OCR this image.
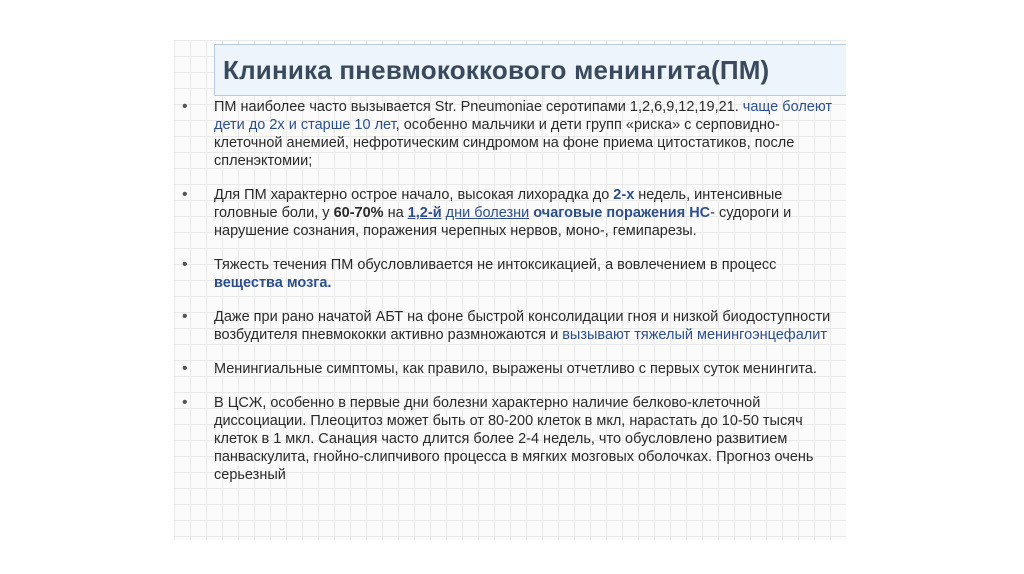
Клиника пневмококкового менингита(ПМ)
• ПМ наиболее часто вызывается Str. Pneumoniae серотипами 1,2,6,9,12,19,21. чаще болеют дети до 2х и старше 10 лет, особенно мальчики и дети групп «риска» с серповидно-клеточной анемией, нефротическим синдромом на фоне приема цитостатиков, после спленэктомии;
• Для ПМ характерно острое начало, высокая лихорадка до 2-х недель, интенсивные головные боли, у 60-70% на 1,2-й дни болезни очаговые поражения НС- судороги и нарушение сознания, поражения черепных нервов, моно-, гемипарезы.
• Тяжесть течения ПМ обусловливается не интоксикацией, а вовлечением в процесс вещества мозга.
• Даже при рано начатой АБТ на фоне быстрой консолидации гноя и низкой биодоступности возбудителя пневмококки активно размножаются и вызывают тяжелый менингоэнцефалит
• Менингиальные симптомы, как правило, выражены отчетливо с первых суток менингита.
• В ЦСЖ, особенно в первые дни болезни характерно наличие белково-клеточной диссоциации. Плеоцитоз может быть от 80-200 клеток в мкл, нарастать до 10-50 тысяч клеток в 1 мкл. Санация часто длится более 2-4 недель, что обусловлено развитием панваскулита, гнойно-слипчивого процесса в мягких мозговых оболочках. Прогноз очень серьезный
